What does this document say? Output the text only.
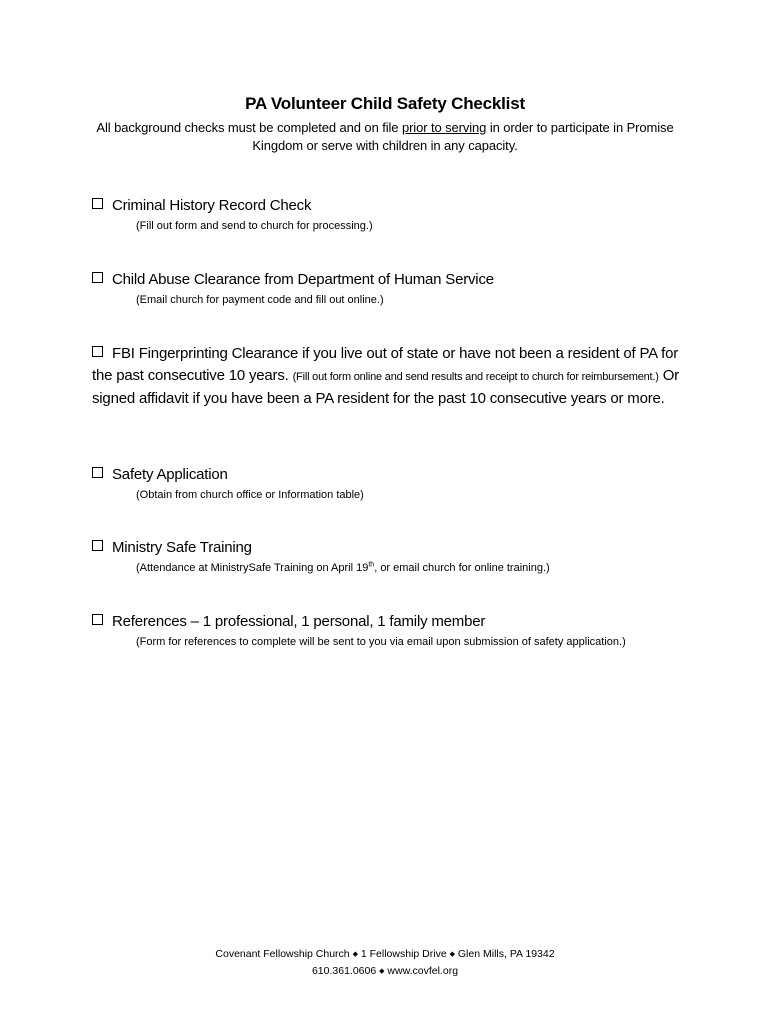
PA Volunteer Child Safety Checklist
All background checks must be completed and on file prior to serving in order to participate in Promise Kingdom or serve with children in any capacity.
Criminal History Record Check
(Fill out form and send to church for processing.)
Child Abuse Clearance from Department of Human Service
(Email church for payment code and fill out online.)
FBI Fingerprinting Clearance if you live out of state or have not been a resident of PA for the past consecutive 10 years. (Fill out form online and send results and receipt to church for reimbursement.) Or signed affidavit if you have been a PA resident for the past 10 consecutive years or more.
Safety Application
(Obtain from church office or Information table)
Ministry Safe Training
(Attendance at MinistrySafe Training on April 19th, or email church for online training.)
References – 1 professional, 1 personal, 1 family member
(Form for references to complete will be sent to you via email upon submission of safety application.)
Covenant Fellowship Church ◆ 1 Fellowship Drive ◆ Glen Mills, PA 19342
610.361.0606 ◆ www.covfel.org
